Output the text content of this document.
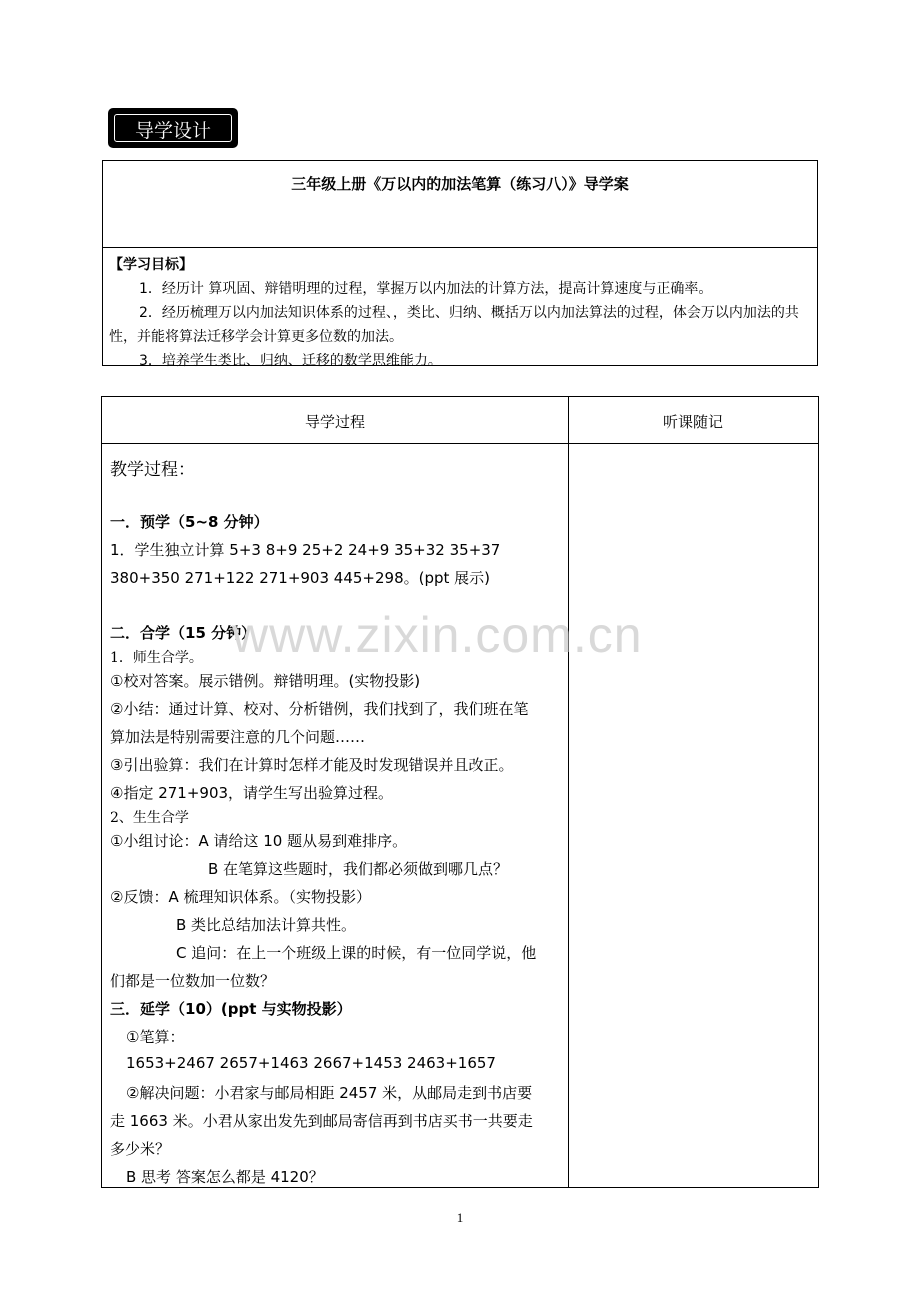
导学设计
三年级上册《万以内的加法笔算（练习八）》导学案
【学习目标】

1．经历计 算巩固、辩错明理的过程，掌握万以内加法的计算方法，提高计算速度与正确率。

2．经历梳理万以内加法知识体系的过程、，类比、归纳、概括万以内加法算法的过程，体会万以内加法的共性，并能将算法迁移学会计算更多位数的加法。

3．培养学生类比、归纳、迁移的数学思维能力。

导学过程	听课随记
教学过程：
一．预学（5~8 分钟）
1．学生独立计算 5+3 8+9 25+2 24+9 35+32 35+37
380+350 271+122 271+903 445+298。(ppt 展示)
二．合学（15 分钟）
1．师生合学。
①校对答案。展示错例。辩错明理。(实物投影)
②小结：通过计算、校对、分析错例，我们找到了，我们班在笔
算加法是特别需要注意的几个问题……
③引出验算：我们在计算时怎样才能及时发现错误并且改正。
④指定 271+903，请学生写出验算过程。
2、生生合学
①小组讨论：A 请给这 10 题从易到难排序。
B 在笔算这些题时，我们都必须做到哪几点？
②反馈：A 梳理知识体系。（实物投影）
B 类比总结加法计算共性。
C 追问：在上一个班级上课的时候，有一位同学说，他
们都是一位数加一位数？
三．延学（10）(ppt 与实物投影）
①笔算：
1653+2467 2657+1463 2667+1453 2463+1657
②解决问题：小君家与邮局相距 2457 米，从邮局走到书店要
走 1663 米。小君从家出发先到邮局寄信再到书店买书一共要走
多少米？
B 思考 答案怎么都是 4120？
www.zixin.com.cn
1
